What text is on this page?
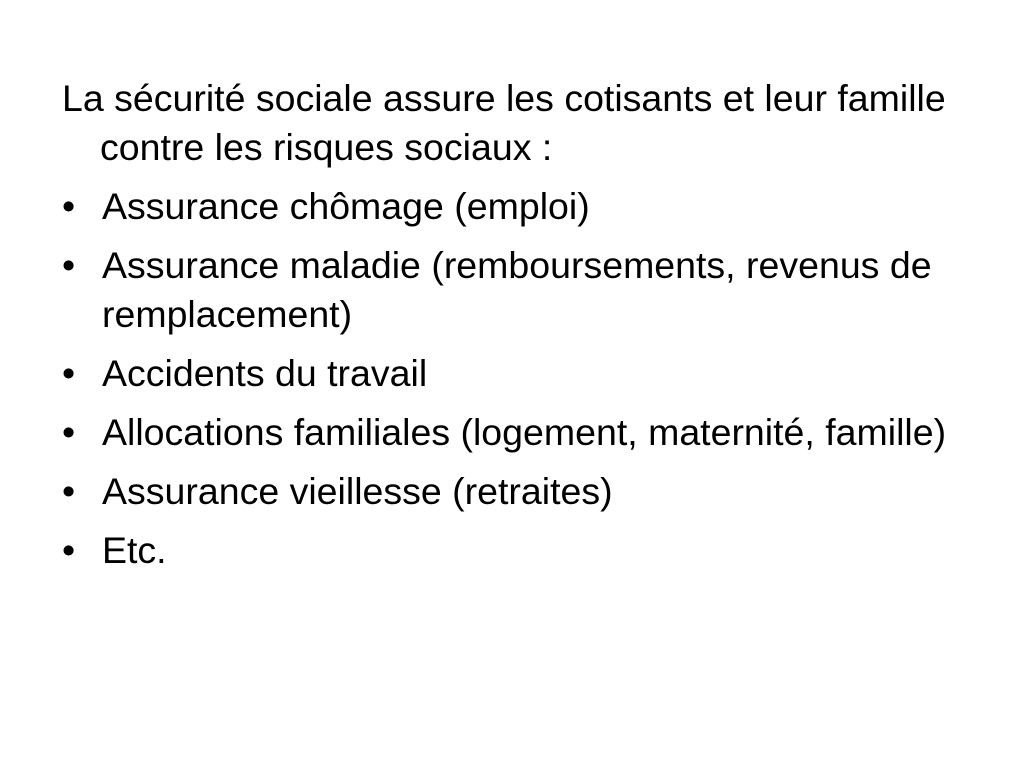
La sécurité sociale assure les cotisants et leur famille contre les risques sociaux :

• Assurance chômage (emploi)
• Assurance maladie (remboursements, revenus de remplacement)
• Accidents du travail
• Allocations familiales (logement, maternité, famille)
• Assurance vieillesse (retraites)
• Etc.
